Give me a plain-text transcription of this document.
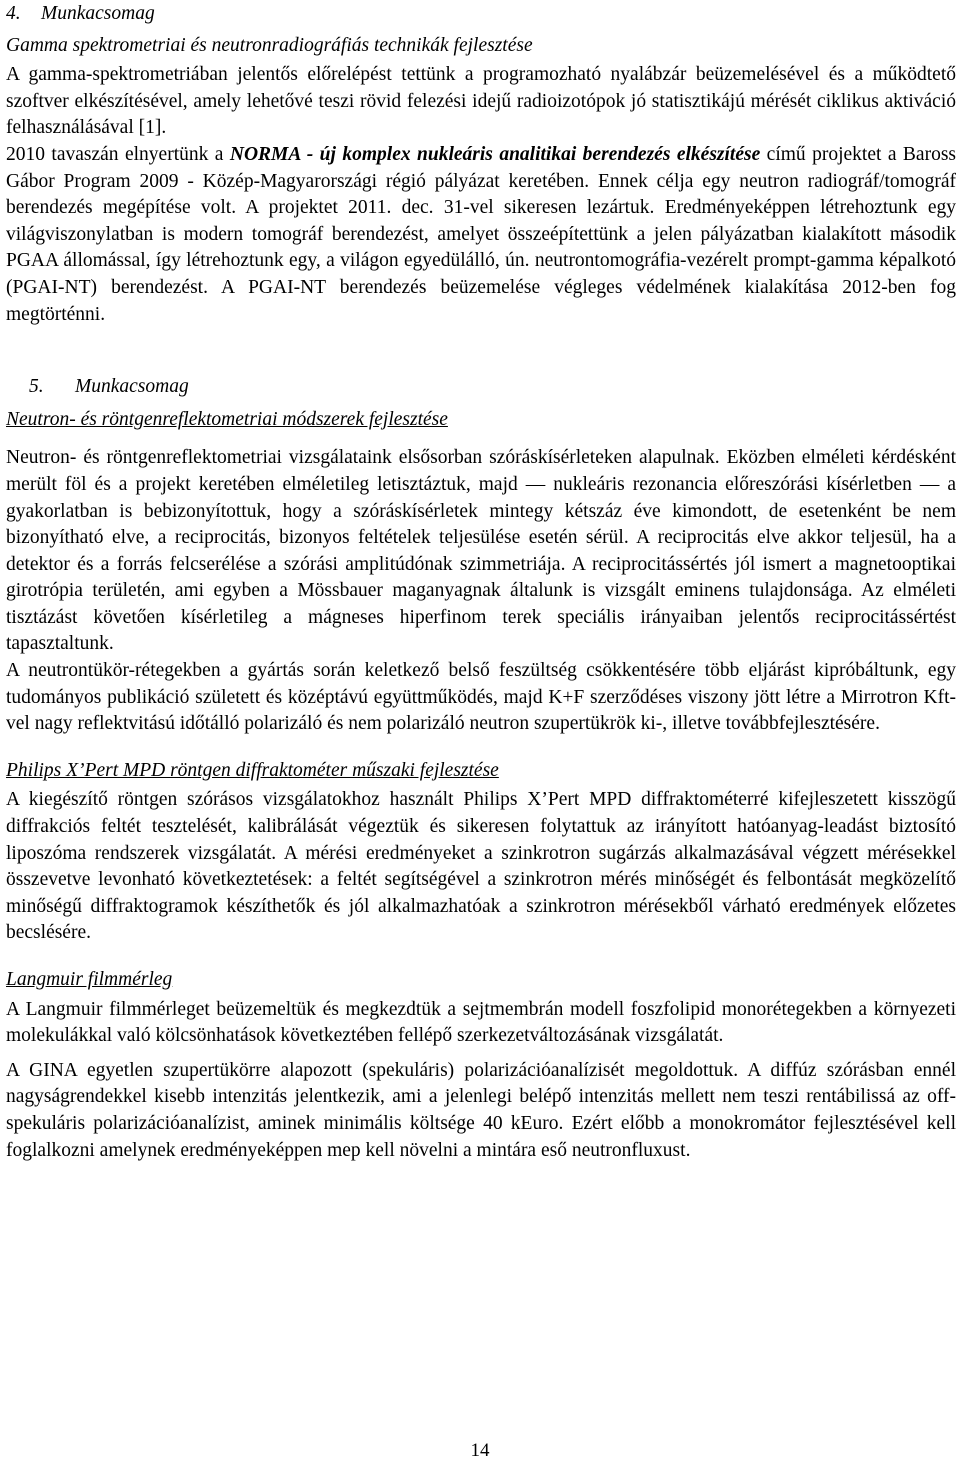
4. Munkacsomag
Gamma spektrometriai és neutronradiográfiás technikák fejlesztése

A gamma-spektrometriában jelentős előrelépést tettünk a programozható nyalábzár beüzemelésével és a működtető szoftver elkészítésével, amely lehetővé teszi rövid felezési idejű radioizotópok jó statisztikájú mérését ciklikus aktiváció felhasználásával [1].

2010 tavaszán elnyertünk a NORMA - új komplex nukleáris analitikai berendezés elkészítése című projektet a Baross Gábor Program 2009 - Közép-Magyarországi régió pályázat keretében. Ennek célja egy neutron radiográf/tomográf berendezés megépítése volt. A projektet 2011. dec. 31-vel sikeresen lezártuk. Eredményeképpen létrehoztunk egy világviszonylatban is modern tomográf berendezést, amelyet összeépítettünk a jelen pályázatban kialakított második PGAA állomással, így létrehoztunk egy, a világon egyedülálló, ún. neutrontomográfia-vezérelt prompt-gamma képalkotó (PGAI-NT) berendezést. A PGAI-NT berendezés beüzemelése végleges védelmének kialakítása 2012-ben fog megtörténni.

5. Munkacsomag
Neutron- és röntgenreflektometriai módszerek fejlesztése

Neutron- és röntgenreflektometriai vizsgálataink elsősorban szóráskísérleteken alapulnak. Eközben elméleti kérdésként merült föl és a projekt keretében elméletileg letisztáztuk, majd — nukleáris rezonancia előreszórási kísérletben — a gyakorlatban is bebizonyítottuk, hogy a szóráskísérletek mintegy kétszáz éve kimondott, de esetenként be nem bizonyítható elve, a reciprocitás, bizonyos feltételek teljesülése esetén sérül. A reciprocitás elve akkor teljesül, ha a detektor és a forrás felcserélése a szórási amplitúdónak szimmetriája. A reciprocitássértés jól ismert a magnetooptikai girotrópia területén, ami egyben a Mössbauer maganyagnak általunk is vizsgált eminens tulajdonsága. Az elméleti tisztázást követően kísérletileg a mágneses hiperfinom terek speciális irányaiban jelentős reciprocitássértést tapasztaltunk.

A neutrontükör-rétegekben a gyártás során keletkező belső feszültség csökkentésére több eljárást kipróbáltunk, egy tudományos publikáció született és középtávú együttműködés, majd K+F szerződéses viszony jött létre a Mirrotron Kft-vel nagy reflektvitású időtálló polarizáló és nem polarizáló neutron szupertükrök ki-, illetve továbbfejlesztésére.

Philips X’Pert MPD röntgen diffraktométer műszaki fejlesztése

A kiegészítő röntgen szórásos vizsgálatokhoz használt Philips X’Pert MPD diffraktométerré kifejleszetett kisszögű diffrakciós feltét tesztelését, kalibrálását végeztük és sikeresen folytattuk az irányított hatóanyag-leadást biztosító liposzóma rendszerek vizsgálatát. A mérési eredményeket a szinkrotron sugárzás alkalmazásával végzett mérésekkel összevetve levonható következtetések: a feltét segítségével a szinkrotron mérés minőségét és felbontását megközelítő minőségű diffraktogramok készíthetők és jól alkalmazhatóak a szinkrotron mérésekből várható eredmények előzetes becslésére.

Langmuir filmmérleg

A Langmuir filmmérleget beüzemeltük és megkezdtük a sejtmembrán modell foszfolipid monorétegekben a környezeti molekulákkal való kölcsönhatások következtében fellépő szerkezetváltozásának vizsgálatát.

A GINA egyetlen szupertükörre alapozott (spekuláris) polarizációanalízisét megoldottuk. A diffúz szórásban ennél nagyságrendekkel kisebb intenzitás jelentkezik, ami a jelenlegi belépő intenzitás mellett nem teszi rentábilissá az off-spekuláris polarizációanalízist, aminek minimális költsége 40 kEuro. Ezért előbb a monokromátor fejlesztésével kell foglalkozni amelynek eredményeképpen mep kell növelni a mintára eső neutronfluxust.

14
